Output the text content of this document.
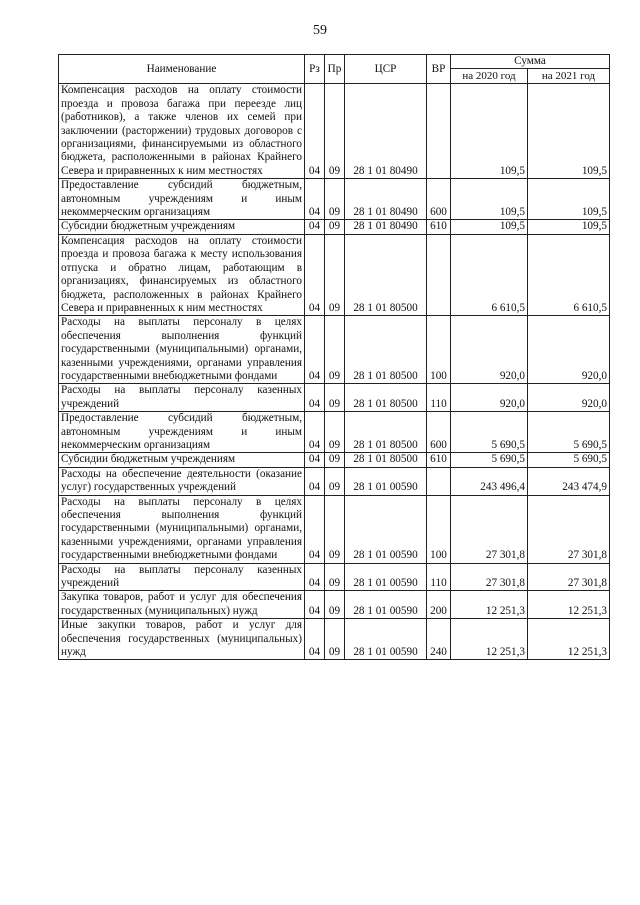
59
Наименование	Рз	Пр	ЦСР	ВР	Сумма	
					на 2020 год	на 2021 год
Компенсация расходов на оплату стоимости проезда и провоза багажа при переезде лиц (работников), а также членов их семей при заключении (расторжении) трудовых договоров с организациями, финансируемыми из областного бюджета, расположенными в районах Крайнего Севера и приравненных к ним местностях	04	09	28 1 01 80490		109,5	109,5
Предоставление субсидий бюджетным, автономным учреждениям и иным некоммерческим организациям	04	09	28 1 01 80490	600	109,5	109,5
Субсидии бюджетным учреждениям	04	09	28 1 01 80490	610	109,5	109,5
Компенсация расходов на оплату стоимости проезда и провоза багажа к месту использования отпуска и обратно лицам, работающим в организациях, финансируемых из областного бюджета, расположенных в районах Крайнего Севера и приравненных к ним местностях	04	09	28 1 01 80500		6 610,5	6 610,5
Расходы на выплаты персоналу в целях обеспечения выполнения функций государственными (муниципальными) органами, казенными учреждениями, органами управления государственными внебюджетными фондами	04	09	28 1 01 80500	100	920,0	920,0
Расходы на выплаты персоналу казенных учреждений	04	09	28 1 01 80500	110	920,0	920,0
Предоставление субсидий бюджетным, автономным учреждениям и иным некоммерческим организациям	04	09	28 1 01 80500	600	5 690,5	5 690,5
Субсидии бюджетным учреждениям	04	09	28 1 01 80500	610	5 690,5	5 690,5
Расходы на обеспечение деятельности (оказание услуг) государственных учреждений	04	09	28 1 01 00590		243 496,4	243 474,9
Расходы на выплаты персоналу в целях обеспечения выполнения функций государственными (муниципальными) органами, казенными учреждениями, органами управления государственными внебюджетными фондами	04	09	28 1 01 00590	100	27 301,8	27 301,8
Расходы на выплаты персоналу казенных учреждений	04	09	28 1 01 00590	110	27 301,8	27 301,8
Закупка товаров, работ и услуг для обеспечения государственных (муниципальных) нужд	04	09	28 1 01 00590	200	12 251,3	12 251,3
Иные закупки товаров, работ и услуг для обеспечения государственных (муниципальных) нужд	04	09	28 1 01 00590	240	12 251,3	12 251,3
